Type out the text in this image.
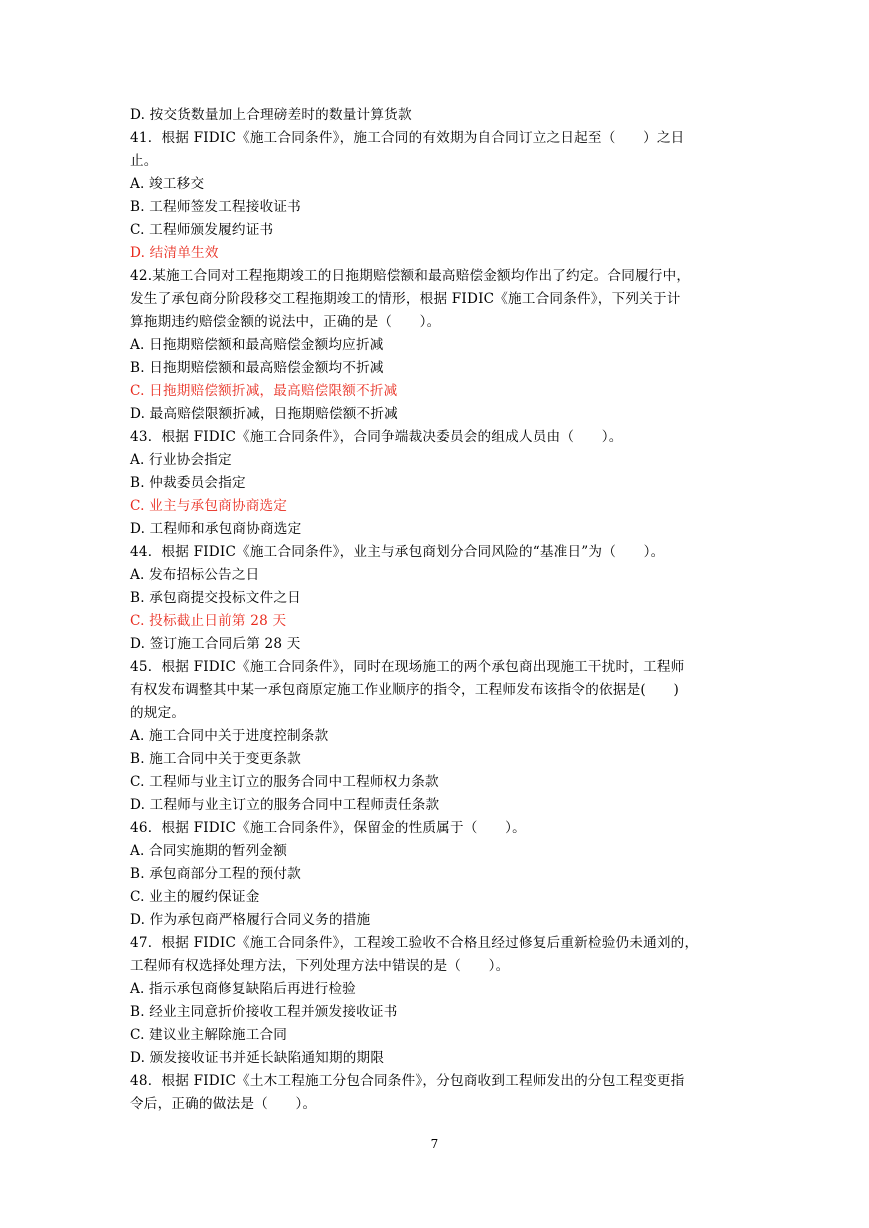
D. 按交货数量加上合理磅差时的数量计算货款
41．根据 FIDIC《施工合同条件》，施工合同的有效期为自合同订立之日起至（　　）之日
止。
A. 竣工移交
B. 工程师签发工程接收证书
C. 工程师颁发履约证书
D. 结清单生效
42.某施工合同对工程拖期竣工的日拖期赔偿额和最高赔偿金额均作出了约定。合同履行中，
发生了承包商分阶段移交工程拖期竣工的情形，根据 FIDIC《施工合同条件》，下列关于计
算拖期违约赔偿金额的说法中，正确的是（　　）。
A. 日拖期赔偿额和最高赔偿金额均应折减
B. 日拖期赔偿额和最高赔偿金额均不折减
C. 日拖期赔偿额折减，最高赔偿限额不折减
D. 最高赔偿限额折减，日拖期赔偿额不折减
43．根据 FIDIC《施工合同条件》，合同争端裁决委员会的组成人员由（　　）。
A. 行业协会指定
B. 仲裁委员会指定
C. 业主与承包商协商选定
D. 工程师和承包商协商选定
44．根据 FIDIC《施工合同条件》，业主与承包商划分合同风险的“基准日”为（　　）。
A. 发布招标公告之日
B. 承包商提交投标文件之日
C. 投标截止日前第 28 天
D. 签订施工合同后第 28 天
45．根据 FIDIC《施工合同条件》，同时在现场施工的两个承包商出现施工干扰时，工程师
有权发布调整其中某一承包商原定施工作业顺序的指令，工程师发布该指令的依据是(　　)
的规定。
A. 施工合同中关于进度控制条款
B. 施工合同中关于变更条款
C. 工程师与业主订立的服务合同中工程师权力条款
D. 工程师与业主订立的服务合同中工程师责任条款
46．根据 FIDIC《施工合同条件》，保留金的性质属于（　　）。
A. 合同实施期的暂列金额
B. 承包商部分工程的预付款
C. 业主的履约保证金
D. 作为承包商严格履行合同义务的措施
47．根据 FIDIC《施工合同条件》，工程竣工验收不合格且经过修复后重新检验仍未通刘的，
工程师有权选择处理方法，下列处理方法中错误的是（　　）。
A. 指示承包商修复缺陷后再进行检验
B. 经业主同意折价接收工程并颁发接收证书
C. 建议业主解除施工合同
D. 颁发接收证书并延长缺陷通知期的期限
48．根据 FIDIC《土木工程施工分包合同条件》，分包商收到工程师发出的分包工程变更指
令后，正确的做法是（　　）。
7
